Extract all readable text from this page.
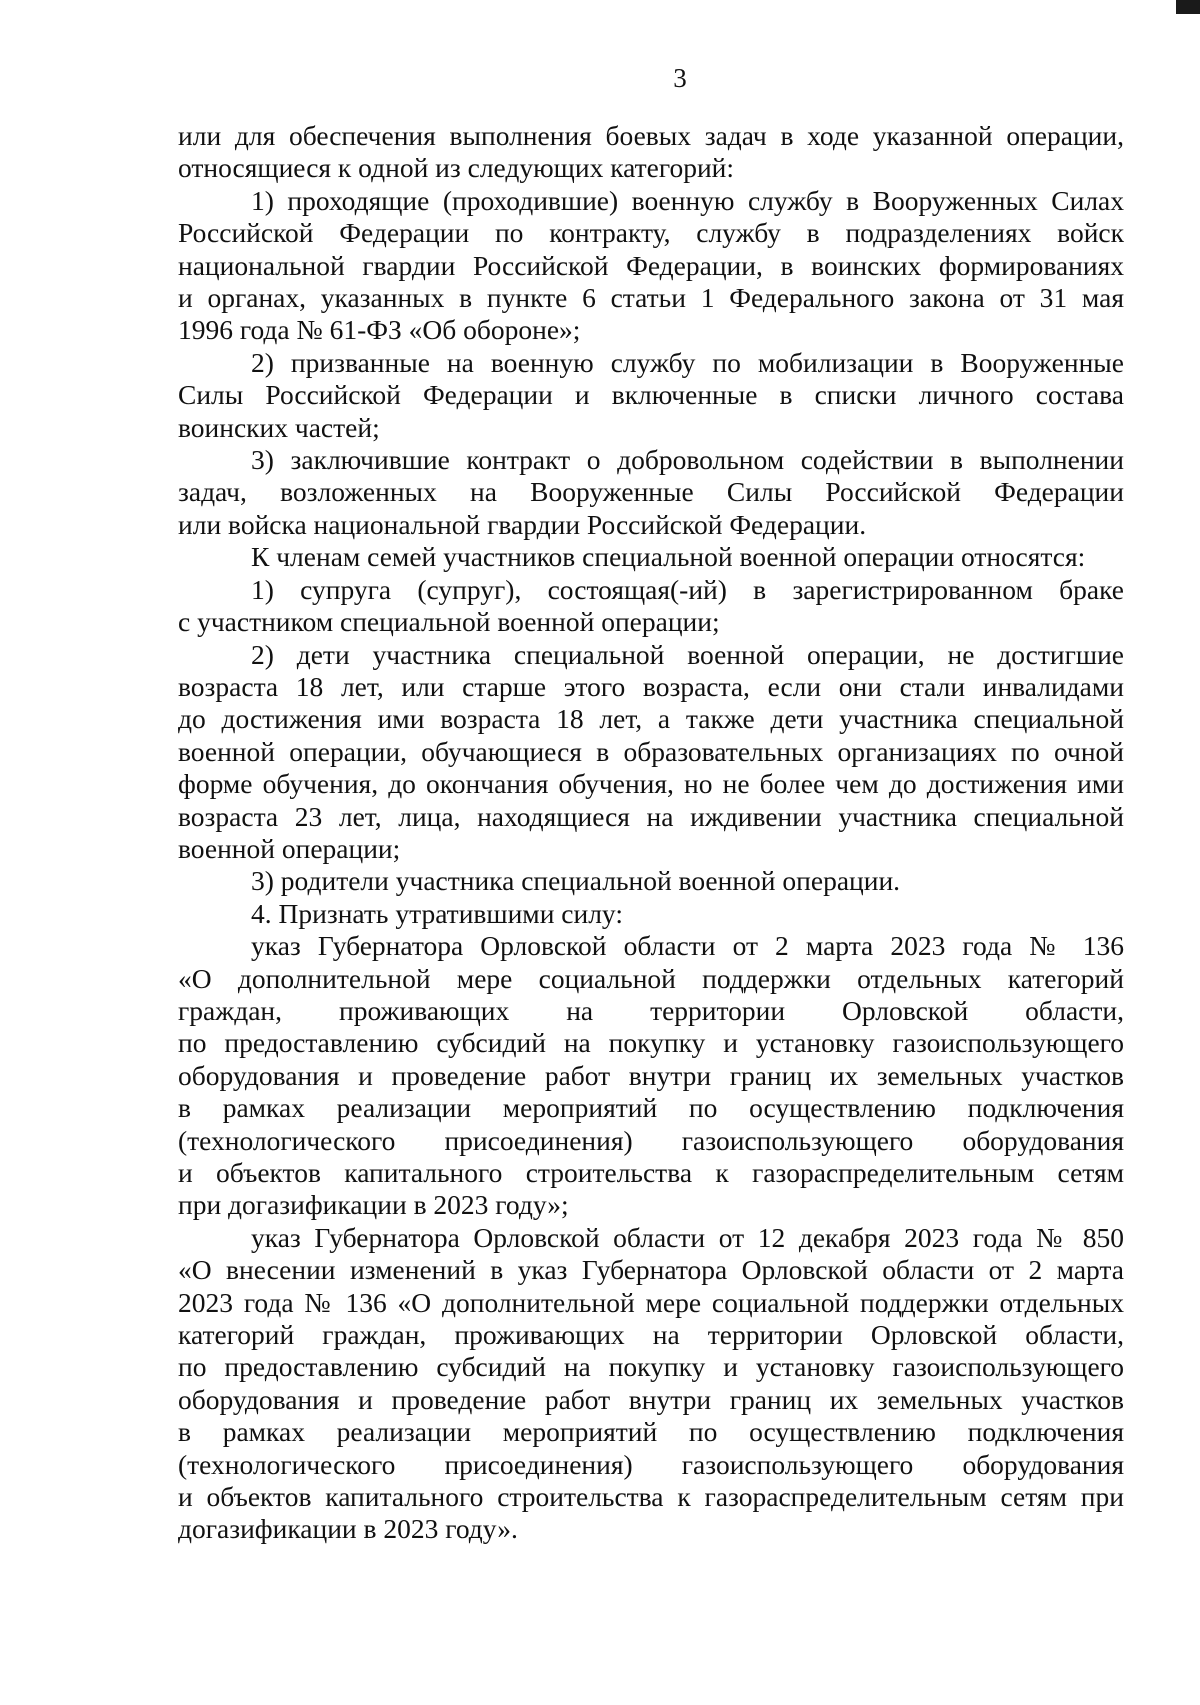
3
или для обеспечения выполнения боевых задач в ходе указанной операции,
относящиеся к одной из следующих категорий:
1) проходящие (проходившие) военную службу в Вооруженных Силах
Российской Федерации по контракту, службу в подразделениях войск
национальной гвардии Российской Федерации, в воинских формированиях
и органах, указанных в пункте 6 статьи 1 Федерального закона от 31 мая
1996 года № 61-ФЗ «Об обороне»;
2) призванные на военную службу по мобилизации в Вооруженные
Силы Российской Федерации и включенные в списки личного состава
воинских частей;
3) заключившие контракт о добровольном содействии в выполнении
задач, возложенных на Вооруженные Силы Российской Федерации
или войска национальной гвардии Российской Федерации.
К членам семей участников специальной военной операции относятся:
1) супруга (супруг), состоящая(-ий) в зарегистрированном браке
с участником специальной военной операции;
2) дети участника специальной военной операции, не достигшие
возраста 18 лет, или старше этого возраста, если они стали инвалидами
до достижения ими возраста 18 лет, а также дети участника специальной
военной операции, обучающиеся в образовательных организациях по очной
форме обучения, до окончания обучения, но не более чем до достижения ими
возраста 23 лет, лица, находящиеся на иждивении участника специальной
военной операции;
3) родители участника специальной военной операции.
4. Признать утратившими силу:
указ Губернатора Орловской области от 2 марта 2023 года № 136
«О дополнительной мере социальной поддержки отдельных категорий
граждан, проживающих на территории Орловской области,
по предоставлению субсидий на покупку и установку газоиспользующего
оборудования и проведение работ внутри границ их земельных участков
в рамках реализации мероприятий по осуществлению подключения
(технологического присоединения) газоиспользующего оборудования
и объектов капитального строительства к газораспределительным сетям
при догазификации в 2023 году»;
указ Губернатора Орловской области от 12 декабря 2023 года № 850
«О внесении изменений в указ Губернатора Орловской области от 2 марта
2023 года № 136 «О дополнительной мере социальной поддержки отдельных
категорий граждан, проживающих на территории Орловской области,
по предоставлению субсидий на покупку и установку газоиспользующего
оборудования и проведение работ внутри границ их земельных участков
в рамках реализации мероприятий по осуществлению подключения
(технологического присоединения) газоиспользующего оборудования
и объектов капитального строительства к газораспределительным сетям при
догазификации в 2023 году».
